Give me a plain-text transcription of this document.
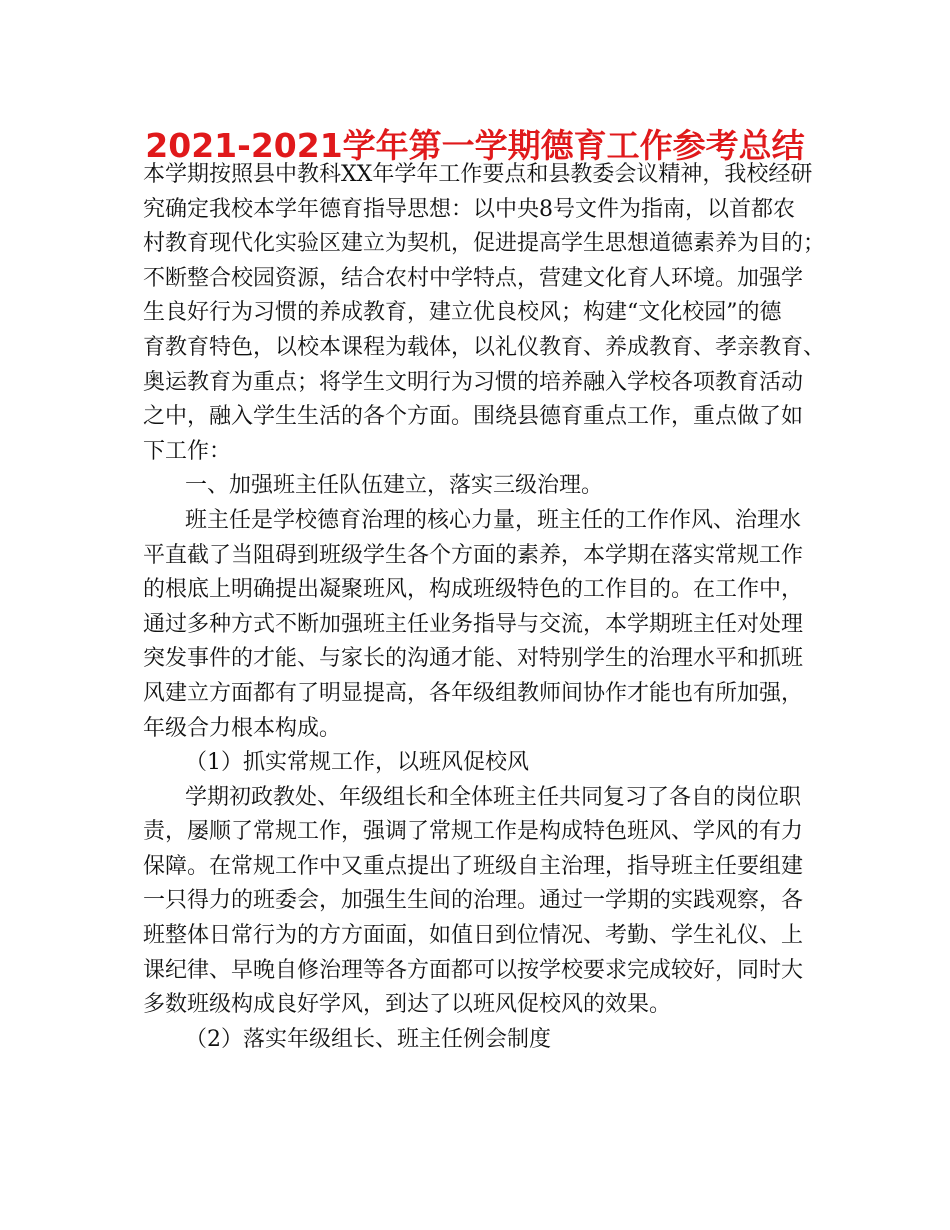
2021-2021学年第一学期德育工作参考总结
本学期按照县中教科XX年学年工作要点和县教委会议精神，我校经研
究确定我校本学年德育指导思想：以中央8号文件为指南，以首都农
村教育现代化实验区建立为契机，促进提高学生思想道德素养为目的；
不断整合校园资源，结合农村中学特点，营建文化育人环境。加强学
生良好行为习惯的养成教育，建立优良校风；构建“文化校园”的德
育教育特色，以校本课程为载体，以礼仪教育、养成教育、孝亲教育、
奥运教育为重点；将学生文明行为习惯的培养融入学校各项教育活动
之中，融入学生生活的各个方面。围绕县德育重点工作，重点做了如
下工作：
一、加强班主任队伍建立，落实三级治理。
班主任是学校德育治理的核心力量，班主任的工作作风、治理水
平直截了当阻碍到班级学生各个方面的素养，本学期在落实常规工作
的根底上明确提出凝聚班风，构成班级特色的工作目的。在工作中，
通过多种方式不断加强班主任业务指导与交流，本学期班主任对处理
突发事件的才能、与家长的沟通才能、对特别学生的治理水平和抓班
风建立方面都有了明显提高，各年级组教师间协作才能也有所加强，
年级合力根本构成。
（1）抓实常规工作，以班风促校风
学期初政教处、年级组长和全体班主任共同复习了各自的岗位职
责，屡顺了常规工作，强调了常规工作是构成特色班风、学风的有力
保障。在常规工作中又重点提出了班级自主治理，指导班主任要组建
一只得力的班委会，加强生生间的治理。通过一学期的实践观察，各
班整体日常行为的方方面面，如值日到位情况、考勤、学生礼仪、上
课纪律、早晚自修治理等各方面都可以按学校要求完成较好，同时大
多数班级构成良好学风，到达了以班风促校风的效果。
（2）落实年级组长、班主任例会制度
